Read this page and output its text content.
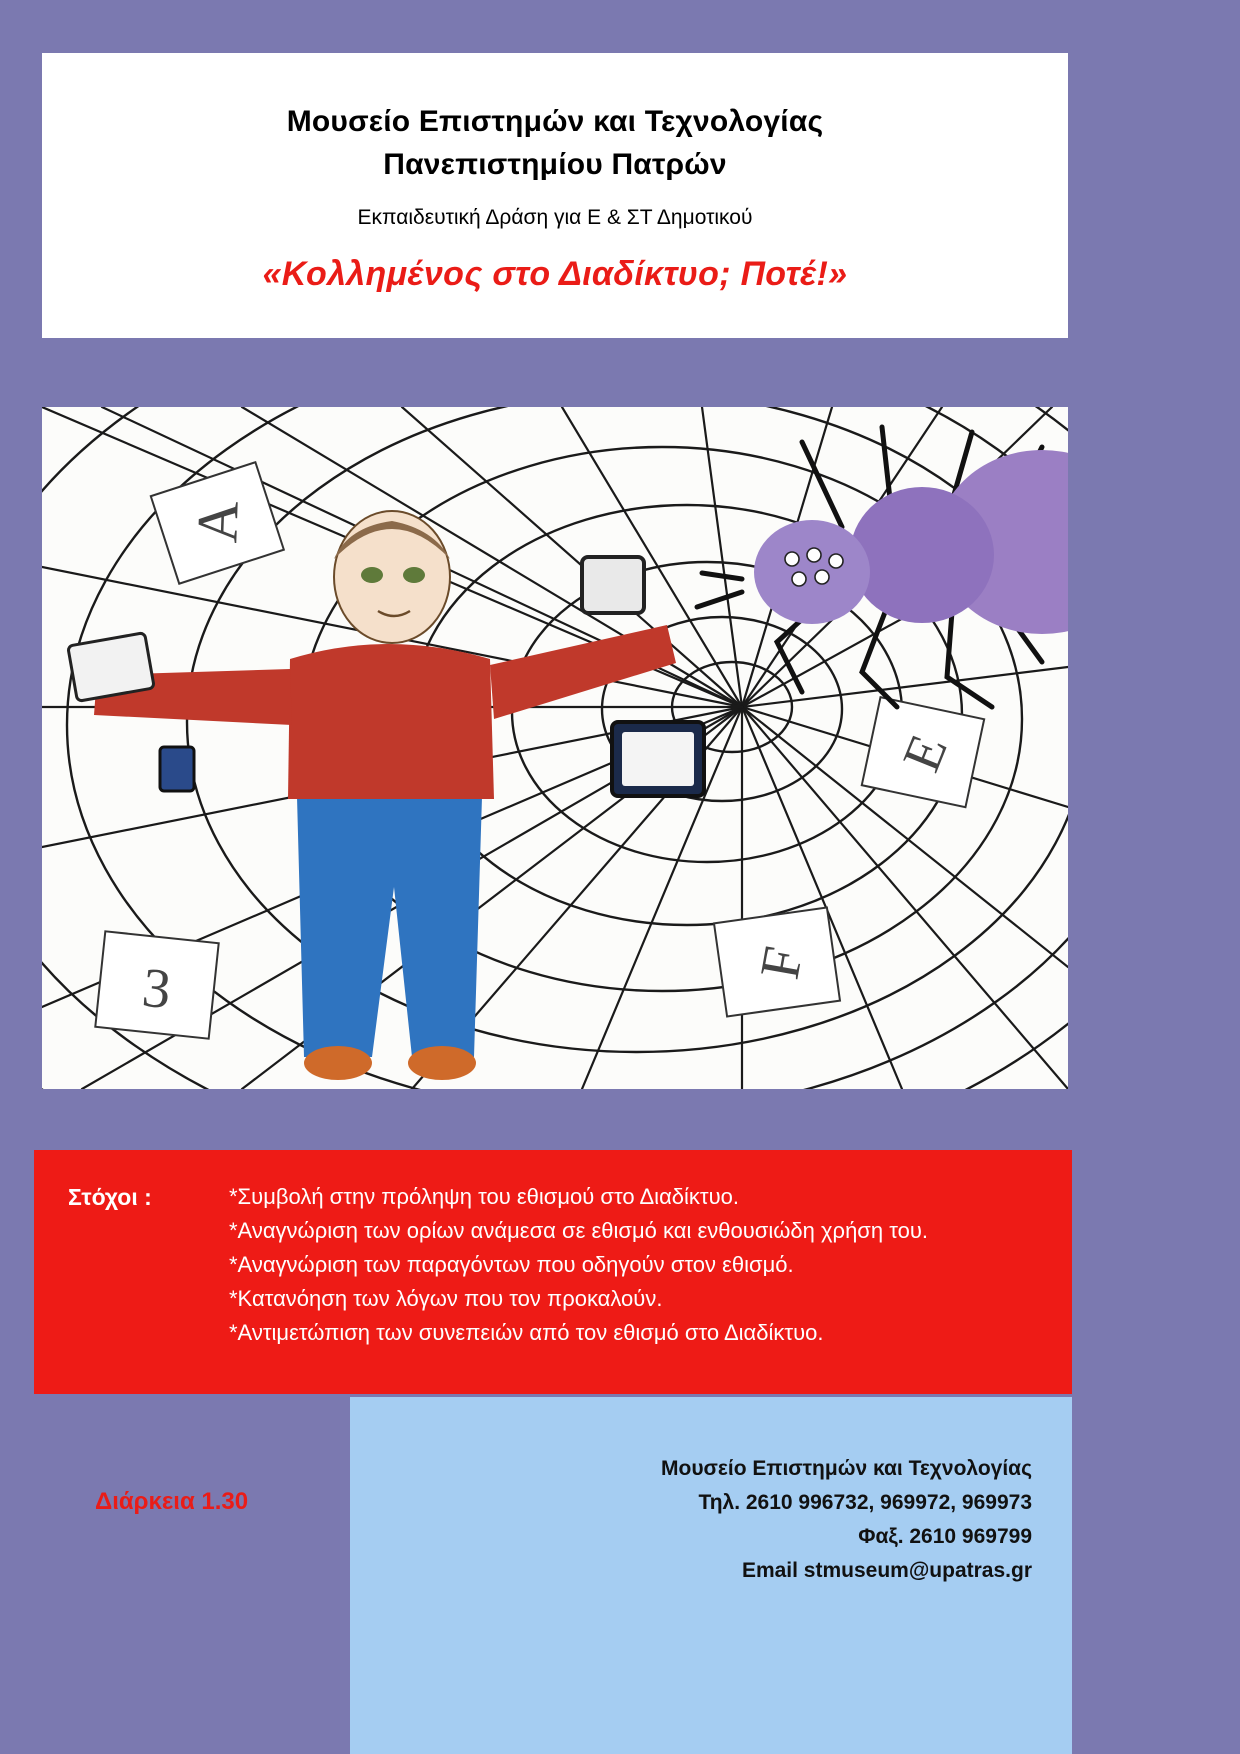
Μουσείο Επιστημών και Τεχνολογίας
Πανεπιστημίου Πατρών
Εκπαιδευτική Δράση για Ε & ΣΤ Δημοτικού
«Κολλημένος στο Διαδίκτυο; Ποτέ!»
A
E
F
3
Στόχοι :	*Συμβολή στην πρόληψη του εθισμού στο Διαδίκτυο.
*Αναγνώριση των ορίων ανάμεσα σε εθισμό και ενθουσιώδη χρήση του.
*Αναγνώριση των παραγόντων που οδηγούν στον εθισμό.
*Κατανόηση των λόγων που τον προκαλούν.
*Αντιμετώπιση των συνεπειών από τον εθισμό στο Διαδίκτυο.
Μουσείο Επιστημών και Τεχνολογίας
Τηλ. 2610 996732, 969972, 969973
Φαξ. 2610 969799
Email stmuseum@upatras.gr
Διάρκεια 1.30
